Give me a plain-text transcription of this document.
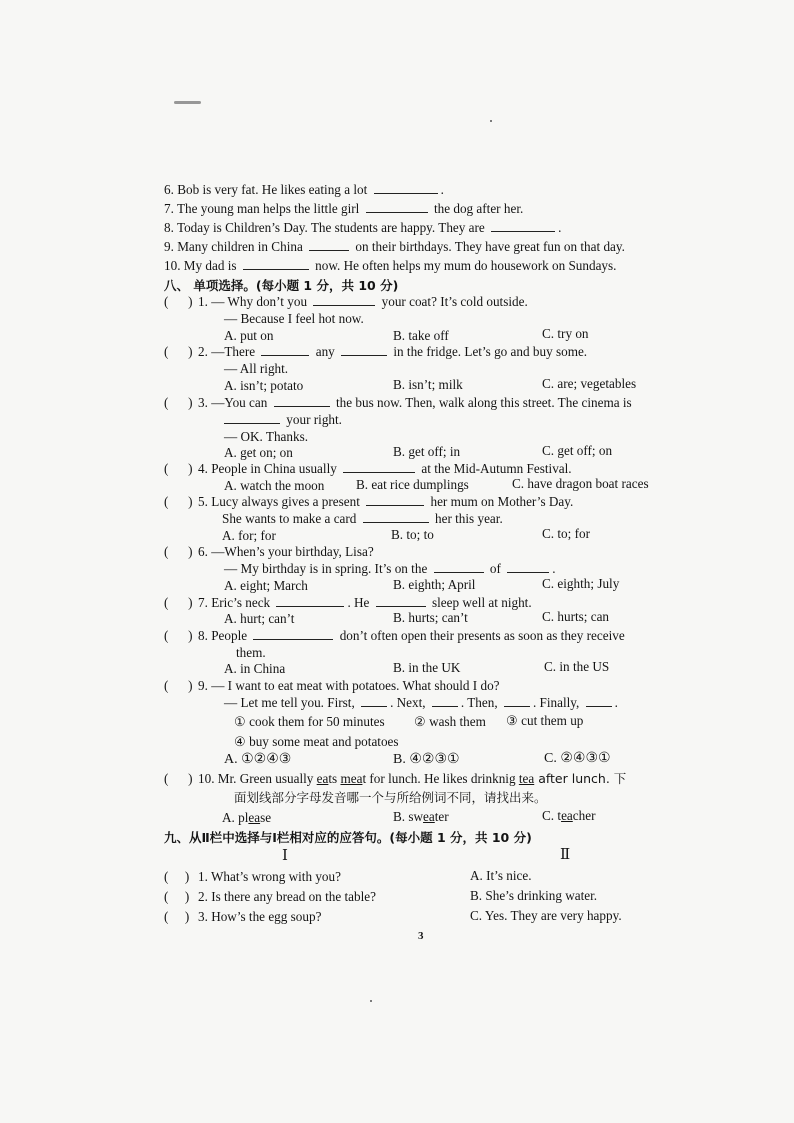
6. Bob is very fat. He likes eating a lot	.
7. The young man helps the little girl	the dog after her.
8. Today is Children’s Day. The students are happy. They are	.
9. Many children in China	on their birthdays. They have great fun on that day.
10. My dad is	now. He often helps my mum do housework on Sundays.
八、 单项选择。(每小题 1 分，共 10 分)
(      ) 1. — Why don’t you	your coat? It’s cold outside.
— Because I feel hot now.
A. put on	B. take off	C. try on
(      ) 2. —There	any	in the fridge. Let’s go and buy some.
— All right.
A. isn’t; potato	B. isn’t; milk	C. are; vegetables
(      ) 3. —You can	the bus now. Then, walk along this street. The cinema is
your right.
— OK. Thanks.
A. get on; on	B. get off; in	C. get off; on
(      ) 4. People in China usually	at the Mid-Autumn Festival.
A. watch the moon B. eat rice dumplings	C. have dragon boat races
(      ) 5. Lucy always gives a present	her mum on Mother’s Day.
She wants to make a card	her this year.
A. for; for	B. to; to	C. to; for
(      ) 6. —When’s your birthday, Lisa?
— My birthday is in spring. It’s on the	of	.
A. eight; March	B. eighth; April	C. eighth; July
(      ) 7. Eric’s neck	. He	sleep well at night.
A. hurt; can’t	B. hurts; can’t	C. hurts; can
(      ) 8. People	don’t often open their presents as soon as they receive
them.
A. in China	B. in the UK	C. in the US
(      ) 9. — I want to eat meat with potatoes. What should I do?
— Let me tell you. First,	. Next,	. Then,	. Finally,	.
① cook them for 50 minutes ② wash them ③ cut them up
④ buy some meat and potatoes
A. ①②④③	B. ④②③①	C. ②④③①
(      ) 10. Mr. Green usually eats meat for lunch. He likes drinknig tea after lunch. 下
面划线部分字母发音哪一个与所给例词不同，请找出来。
A. please	B. sweater	C. teacher
九、从Ⅱ栏中选择与Ⅰ栏相对应的应答句。(每小题 1 分，共 10 分)
Ⅰ	Ⅱ
(     ) 1. What’s wrong with you?	A. It’s nice.
(     ) 2. Is there any bread on the table?	B. She’s drinking water.
(     ) 3. How’s the egg soup?	C. Yes. They are very happy.
3
